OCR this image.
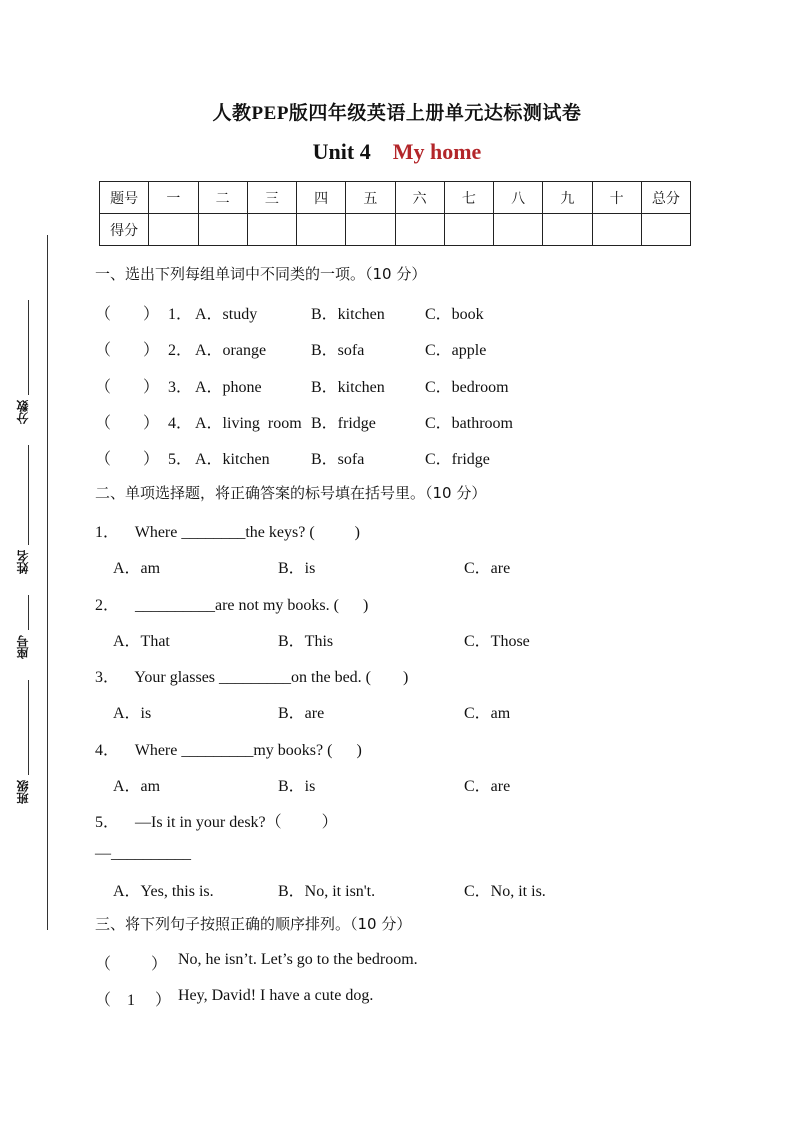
人教PEP版四年级英语上册单元达标测试卷
Unit 4 My home
题号	一	二	三	四	五	六	七	八	九	十	总分
得分											
分数
姓名
座号
班级
一、选出下列每组单词中不同类的一项。（10 分）
（        ） 1． A．study	B．kitchen	C．book
（        ） 2． A．orange	B．sofa	C．apple
（        ） 3． A．phone	B．kitchen	C．bedroom
（        ） 4． A．living  room B．fridge	C．bathroom
（        ） 5． A．kitchen	B．sofa	C．fridge
二、单项选择题，将正确答案的标号填在括号里。（10 分）
1．    Where ________the keys? (          )
A．am	B．is	C．are
2．    __________are not my books. (      )
A．That	B．This	C．Those
3．    Your glasses _________on the bed. (        )
A．is	B．are	C．am
4．    Where _________my books? (      )
A．am	B．is	C．are
5．    —Is it in your desk?（          ）
—__________
A．Yes, this is.	B．No, it isn't.	C．No, it is.
三、将下列句子按照正确的顺序排列。（10 分）
（          ） No, he isn’t. Let’s go to the bedroom.
（    1     ） Hey, David! I have a cute dog.
